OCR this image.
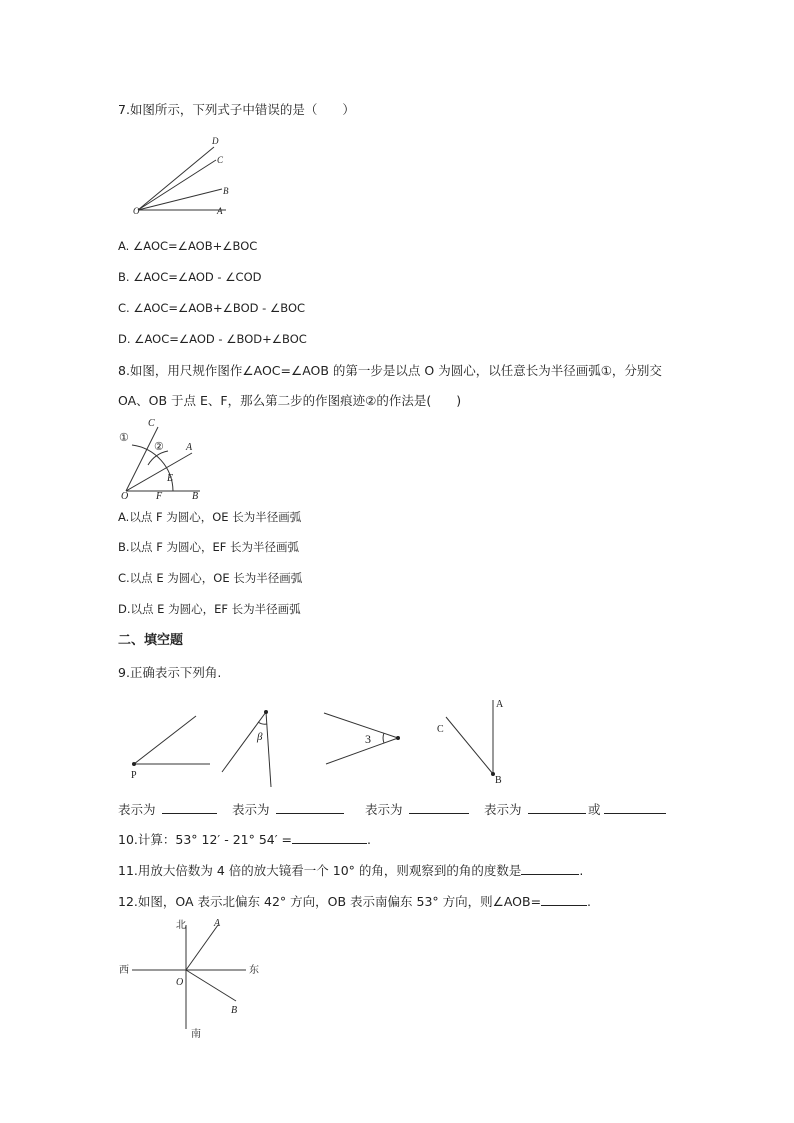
7.如图所示，下列式子中错误的是（　　）
D
C
B
O	A
A. ∠AOC=∠AOB+∠BOC
B. ∠AOC=∠AOD - ∠COD
C. ∠AOC=∠AOB+∠BOD - ∠BOC
D. ∠AOC=∠AOD - ∠BOD+∠BOC
8.如图，用尺规作图作∠AOC=∠AOB 的第一步是以点 O 为圆心，以任意长为半径画弧①，分别交
OA、OB 于点 E、F，那么第二步的作图痕迹②的作法是(　　)
C
①
② A
E
O	F	B
A.以点 F 为圆心，OE 长为半径画弧
B.以点 F 为圆心，EF 长为半径画弧
C.以点 E 为圆心，OE 长为半径画弧
D.以点 E 为圆心，EF 长为半径画弧
二、填空题
9.正确表示下列角.
P
β	3
C
A
B
表示为	表示为	表示为	表示为	或
10.计算：53° 12′ - 21° 54′ =	.
11.用放大倍数为 4 倍的放大镜看一个 10° 的角，则观察到的角的度数是	.
12.如图，OA 表示北偏东 42° 方向，OB 表示南偏东 53° 方向，则∠AOB=	.
北	A
西	东
O
B
南
